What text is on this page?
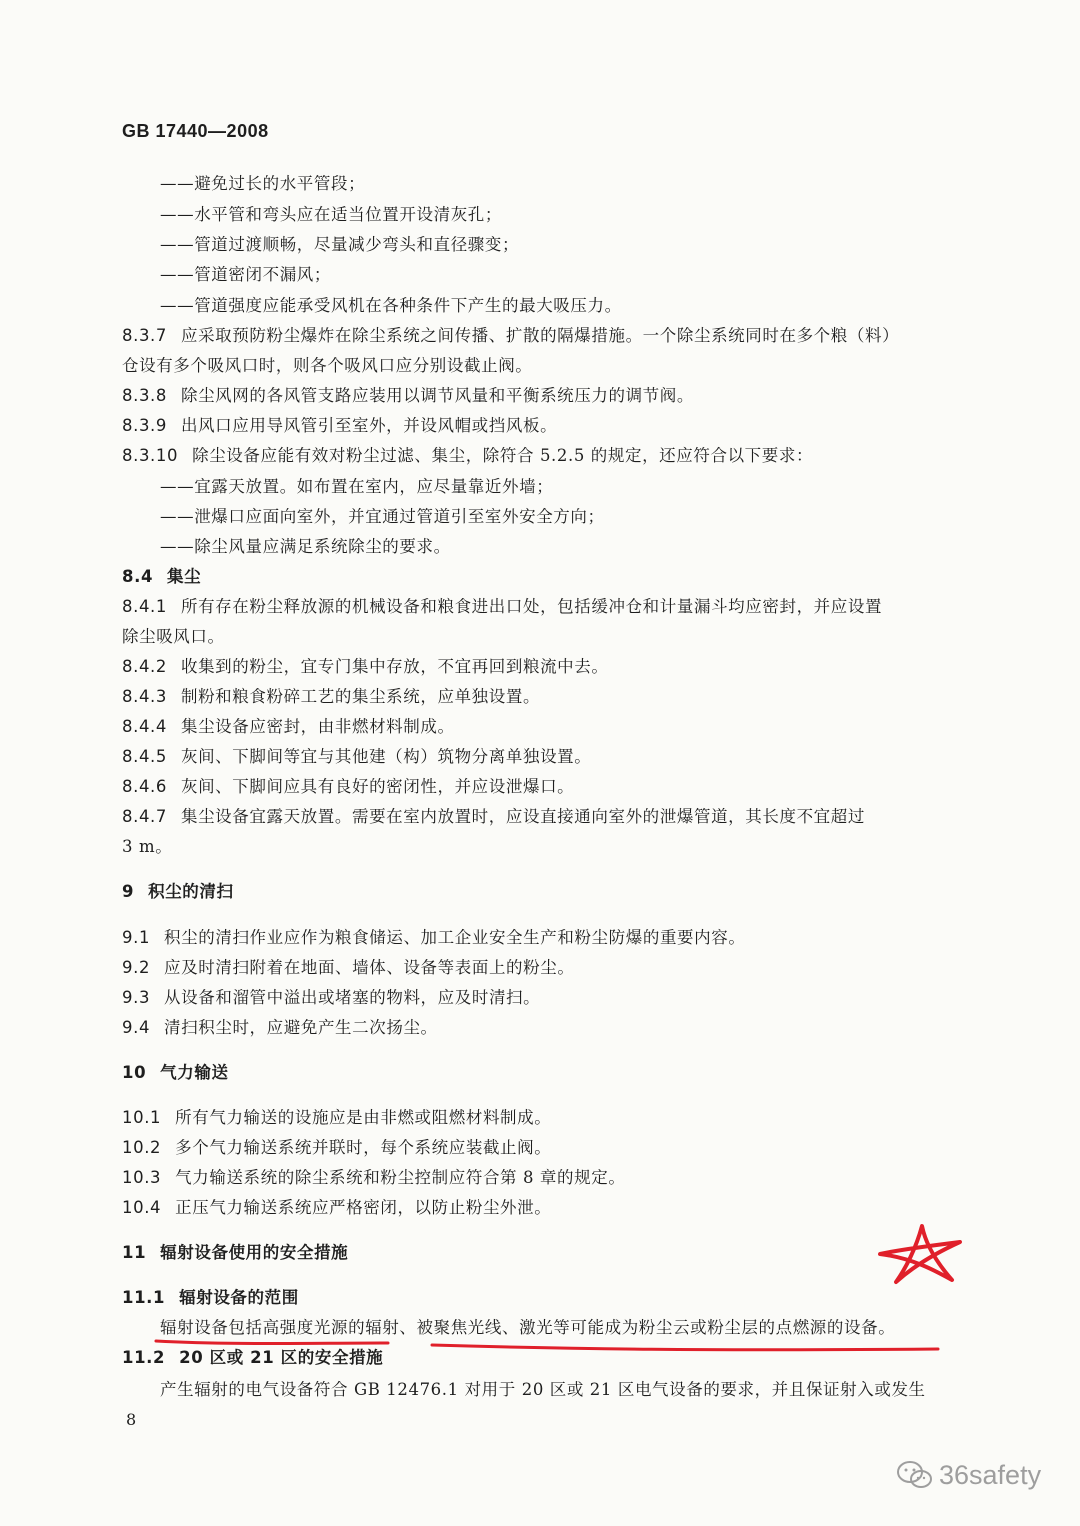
GB 17440—2008
——避免过长的水平管段；
——水平管和弯头应在适当位置开设清灰孔；
——管道过渡顺畅，尽量减少弯头和直径骤变；
——管道密闭不漏风；
——管道强度应能承受风机在各种条件下产生的最大吸压力。
8.3.7 应采取预防粉尘爆炸在除尘系统之间传播、扩散的隔爆措施。一个除尘系统同时在多个粮（料）
仓设有多个吸风口时，则各个吸风口应分别设截止阀。
8.3.8 除尘风网的各风管支路应装用以调节风量和平衡系统压力的调节阀。
8.3.9 出风口应用导风管引至室外，并设风帽或挡风板。
8.3.10 除尘设备应能有效对粉尘过滤、集尘，除符合 5.2.5 的规定，还应符合以下要求：
——宜露天放置。如布置在室内，应尽量靠近外墙；
——泄爆口应面向室外，并宜通过管道引至室外安全方向；
——除尘风量应满足系统除尘的要求。
8.4 集尘
8.4.1 所有存在粉尘释放源的机械设备和粮食进出口处，包括缓冲仓和计量漏斗均应密封，并应设置
除尘吸风口。
8.4.2 收集到的粉尘，宜专门集中存放，不宜再回到粮流中去。
8.4.3 制粉和粮食粉碎工艺的集尘系统，应单独设置。
8.4.4 集尘设备应密封，由非燃材料制成。
8.4.5 灰间、下脚间等宜与其他建（构）筑物分离单独设置。
8.4.6 灰间、下脚间应具有良好的密闭性，并应设泄爆口。
8.4.7 集尘设备宜露天放置。需要在室内放置时，应设直接通向室外的泄爆管道，其长度不宜超过
3 m。
9 积尘的清扫
9.1 积尘的清扫作业应作为粮食储运、加工企业安全生产和粉尘防爆的重要内容。
9.2 应及时清扫附着在地面、墙体、设备等表面上的粉尘。
9.3 从设备和溜管中溢出或堵塞的物料，应及时清扫。
9.4 清扫积尘时，应避免产生二次扬尘。
10 气力输送
10.1 所有气力输送的设施应是由非燃或阻燃材料制成。
10.2 多个气力输送系统并联时，每个系统应装截止阀。
10.3 气力输送系统的除尘系统和粉尘控制应符合第 8 章的规定。
10.4 正压气力输送系统应严格密闭，以防止粉尘外泄。
11 辐射设备使用的安全措施
11.1 辐射设备的范围
辐射设备包括高强度光源的辐射、被聚焦光线、激光等可能成为粉尘云或粉尘层的点燃源的设备。
11.2 20 区或 21 区的安全措施
产生辐射的电气设备符合 GB 12476.1 对用于 20 区或 21 区电气设备的要求，并且保证射入或发生
8
36safety
